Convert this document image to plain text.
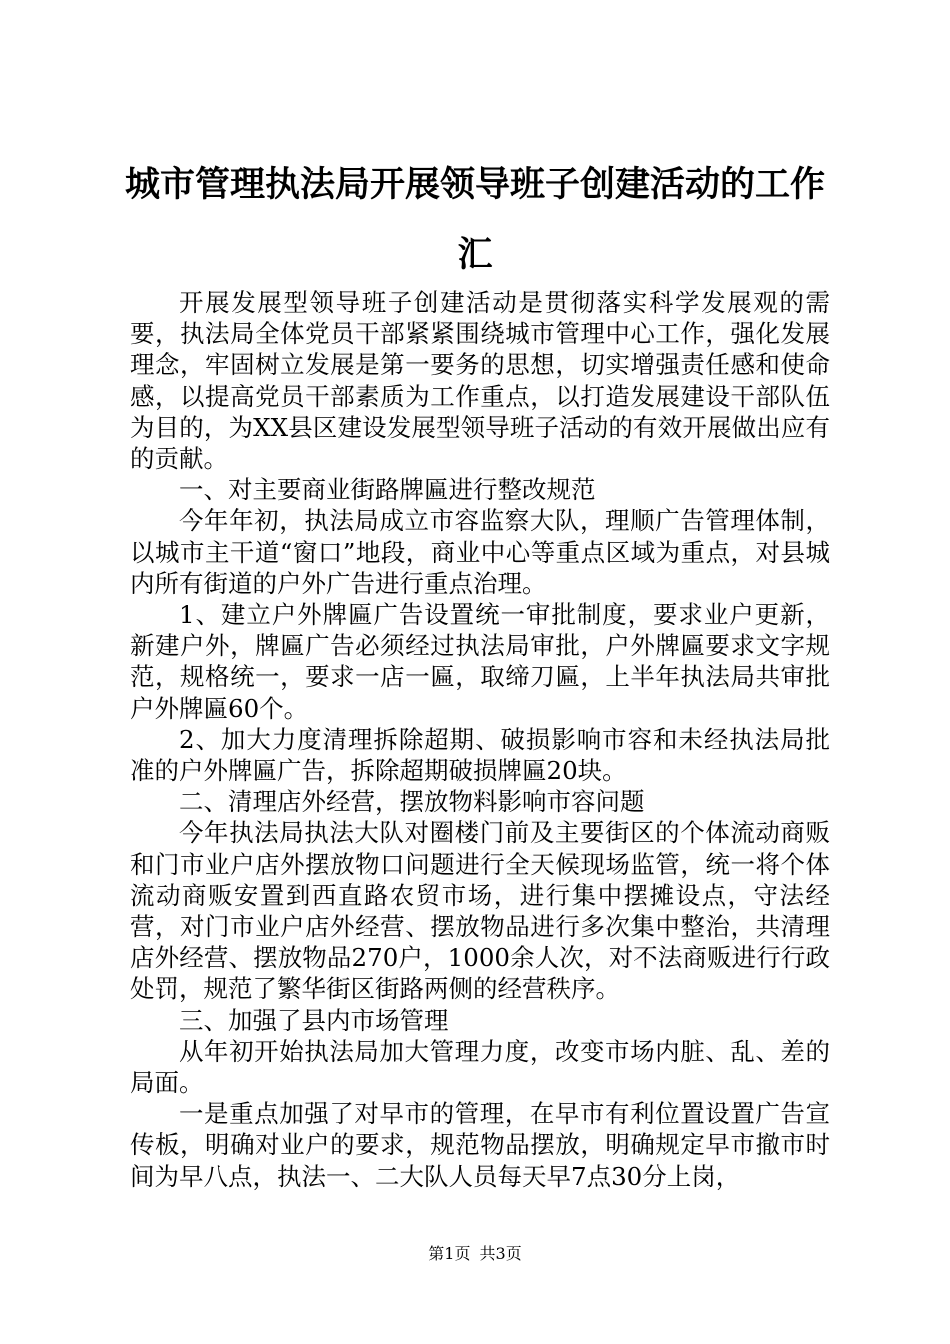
城市管理执法局开展领导班子创建活动的工作汇

开展发展型领导班子创建活动是贯彻落实科学发展观的需要，执法局全体党员干部紧紧围绕城市管理中心工作，强化发展理念，牢固树立发展是第一要务的思想，切实增强责任感和使命感，以提高党员干部素质为工作重点，以打造发展建设干部队伍为目的，为XX县区建设发展型领导班子活动的有效开展做出应有的贡献。

一、对主要商业街路牌匾进行整改规范

今年年初，执法局成立市容监察大队，理顺广告管理体制，以城市主干道“窗口”地段，商业中心等重点区域为重点，对县城内所有街道的户外广告进行重点治理。

1、建立户外牌匾广告设置统一审批制度，要求业户更新，新建户外，牌匾广告必须经过执法局审批，户外牌匾要求文字规范，规格统一，要求一店一匾，取缔刀匾，上半年执法局共审批户外牌匾60个。

2、加大力度清理拆除超期、破损影响市容和未经执法局批准的户外牌匾广告，拆除超期破损牌匾20块。

二、清理店外经营，摆放物料影响市容问题

今年执法局执法大队对圈楼门前及主要街区的个体流动商贩和门市业户店外摆放物口问题进行全天候现场监管，统一将个体流动商贩安置到西直路农贸市场，进行集中摆摊设点，守法经营，对门市业户店外经营、摆放物品进行多次集中整治，共清理店外经营、摆放物品270户，1000余人次，对不法商贩进行行政处罚，规范了繁华街区街路两侧的经营秩序。

三、加强了县内市场管理

从年初开始执法局加大管理力度，改变市场内脏、乱、差的局面。

一是重点加强了对早市的管理，在早市有利位置设置广告宣传板，明确对业户的要求，规范物品摆放，明确规定早市撤市时间为早八点，执法一、二大队人员每天早7点30分上岗，

第1页 共3页
